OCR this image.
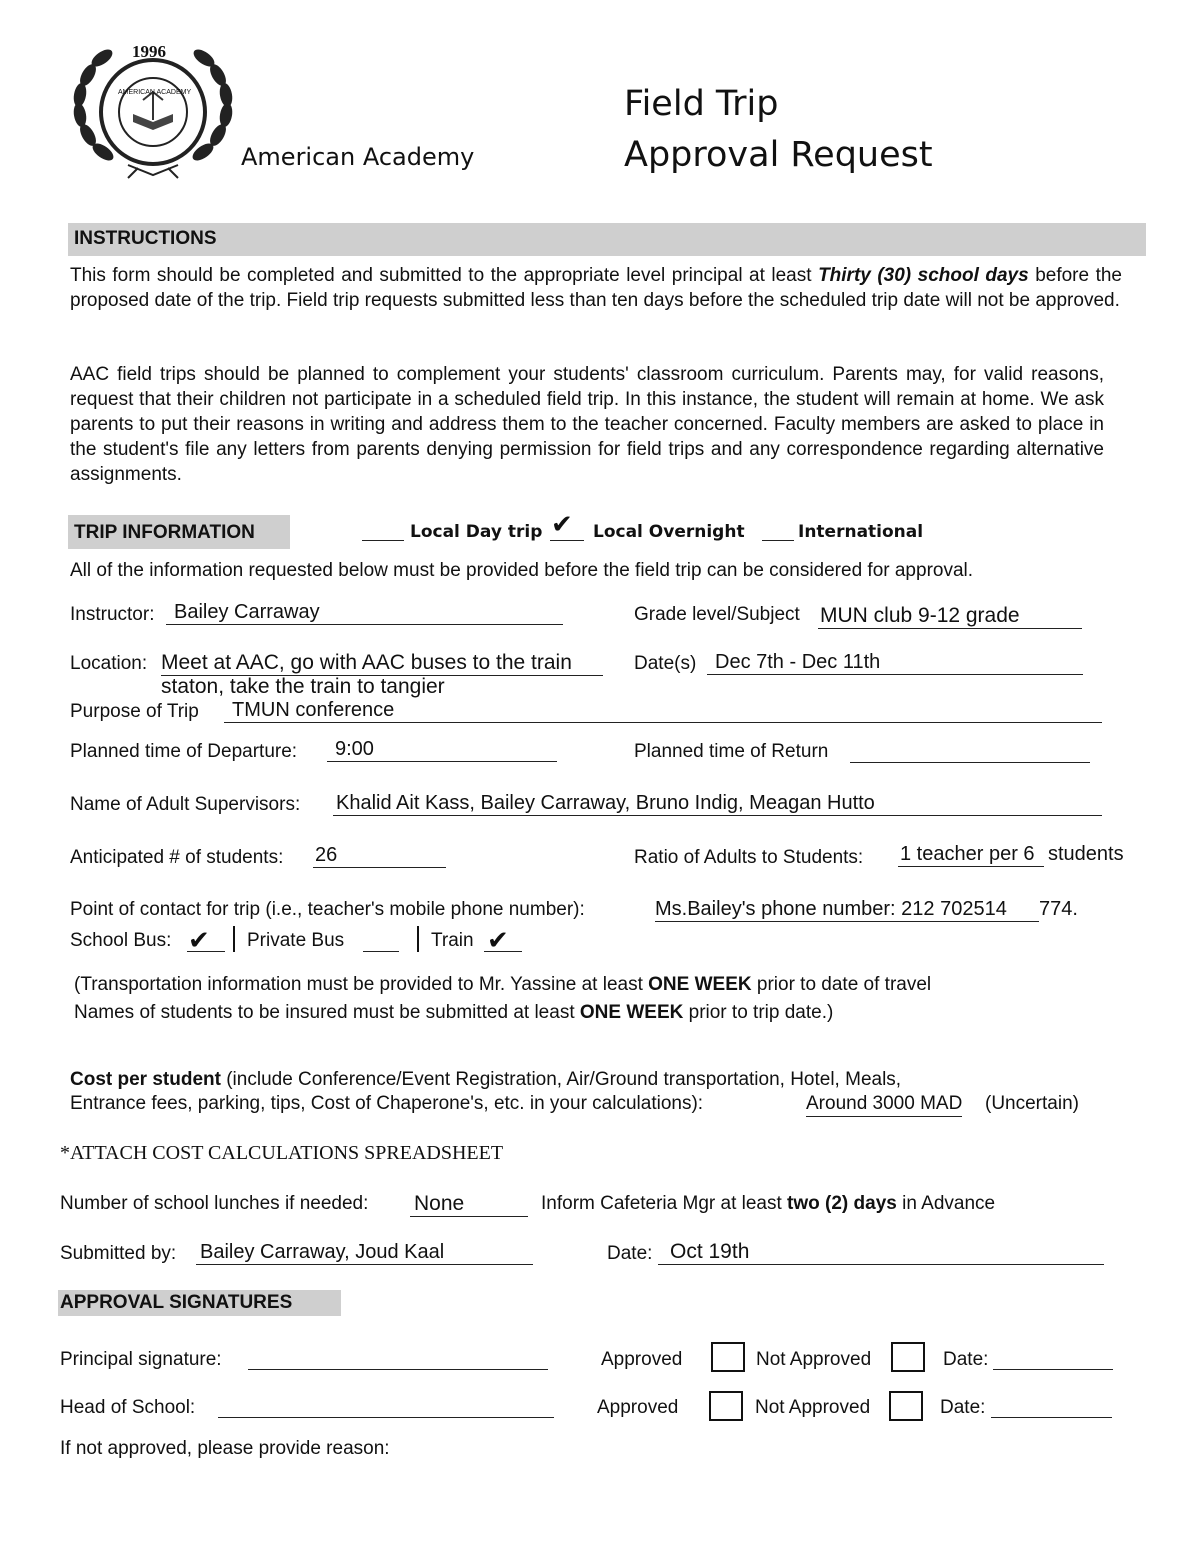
1996
AMERICAN ACADEMY
American Academy
Field Trip
Approval Request
INSTRUCTIONS
This form should be completed and submitted to the appropriate level principal at least Thirty (30) school days before the proposed date of the trip. Field trip requests submitted less than ten days before the scheduled trip date will not be approved.
AAC field trips should be planned to complement your students' classroom curriculum. Parents may, for valid reasons, request that their children not participate in a scheduled field trip. In this instance, the student will remain at home. We ask parents to put their reasons in writing and address them to the teacher concerned. Faculty members are asked to place in the student's file any letters from parents denying permission for field trips and any correspondence regarding alternative assignments.
TRIP INFORMATION	Local Day trip ✔ Local Overnight	International
All of the information requested below must be provided before the field trip can be considered for approval.
Instructor: Bailey Carraway	Grade level/Subject MUN club 9-12 grade
Location: Meet at AAC, go with AAC buses to the train
staton, take the train to tangier
Date(s) Dec 7th - Dec 11th
Purpose of Trip	TMUN conference
Planned time of Departure:	9:00	Planned time of Return
Name of Adult Supervisors: Khalid Ait Kass, Bailey Carraway, Bruno Indig, Meagan Hutto
Anticipated # of students: 26	Ratio of Adults to Students: 1 teacher per 6 students
Point of contact for trip (i.e., teacher's mobile phone number):	Ms.Bailey's phone number: 212 702514	774.
School Bus: ✔ Private Bus	Train ✔
(Transportation information must be provided to Mr. Yassine at least ONE WEEK prior to date of travel
Names of students to be insured must be submitted at least ONE WEEK prior to trip date.)
Cost per student (include Conference/Event Registration, Air/Ground transportation, Hotel, Meals,
Entrance fees, parking, tips, Cost of Chaperone's, etc. in your calculations):	Around 3000 MAD (Uncertain)
*ATTACH COST CALCULATIONS SPREADSHEET
Number of school lunches if needed: None	Inform Cafeteria Mgr at least two (2) days in Advance
Submitted by: Bailey Carraway, Joud Kaal	Date: Oct 19th
APPROVAL SIGNATURES
Principal signature:	Approved	Not Approved	Date:
Head of School:	Approved	Not Approved	Date:
If not approved, please provide reason:
